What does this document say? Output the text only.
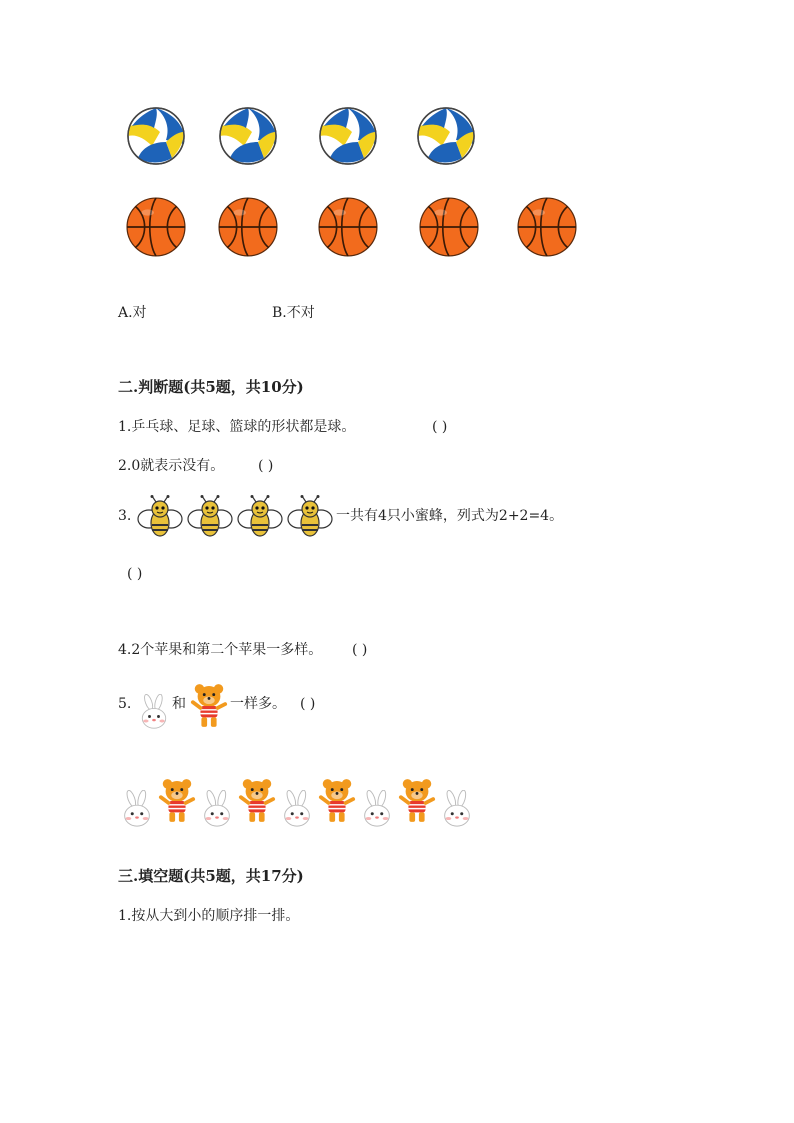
A.对	B.不对
二.判断题(共5题，共10分)
1.乒乓球、足球、篮球的形状都是球。	( )
2.0就表示没有。 ( )
3.	一共有4只小蜜蜂，列式为2+2=4。
( )
4.2个苹果和第二个苹果一多样。 ( )
5.	和	一样多。 ( )
三.填空题(共5题，共17分)
1.按从大到小的顺序排一排。
